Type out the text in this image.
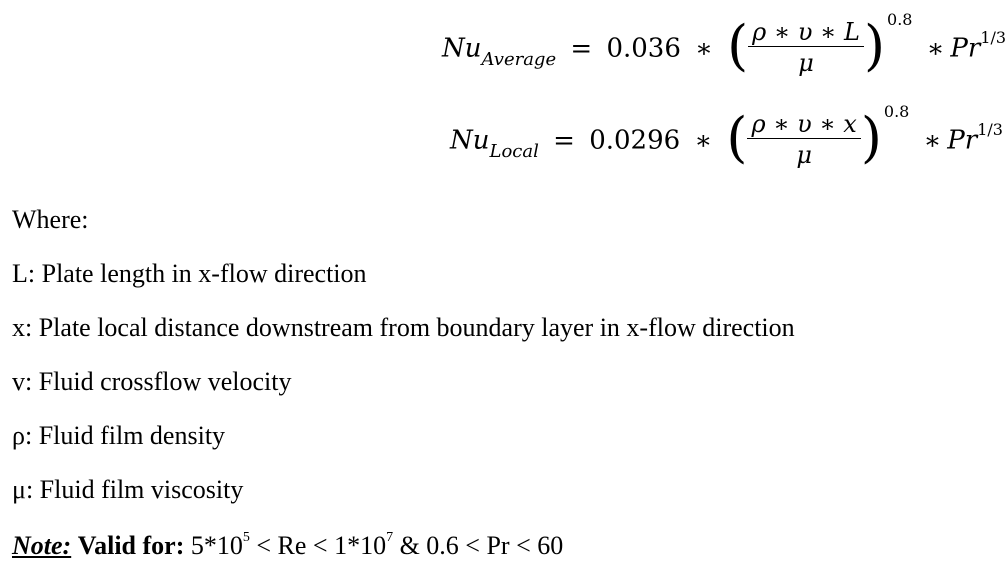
$Nu_{Average} = 0.036$ ∗ ( $\frac{\rho ∗ \upsilon ∗ L}{\mu}$ ) $^{0.8}$ ∗ $Pr^{1/3}$
$Nu_{Local} = 0.0296$ ∗ ( $\frac{\rho ∗ \upsilon ∗ x}{\mu}$ ) $^{0.8}$ ∗ $Pr^{1/3}$
Where:
L: Plate length in x-flow direction
x: Plate local distance downstream from boundary layer in x-flow direction
v: Fluid crossflow velocity
ρ: Fluid film density
μ: Fluid film viscosity
Note: Valid for: $5*10^5 < Re < 1*10^7$ & 0.6 < Pr < 60
